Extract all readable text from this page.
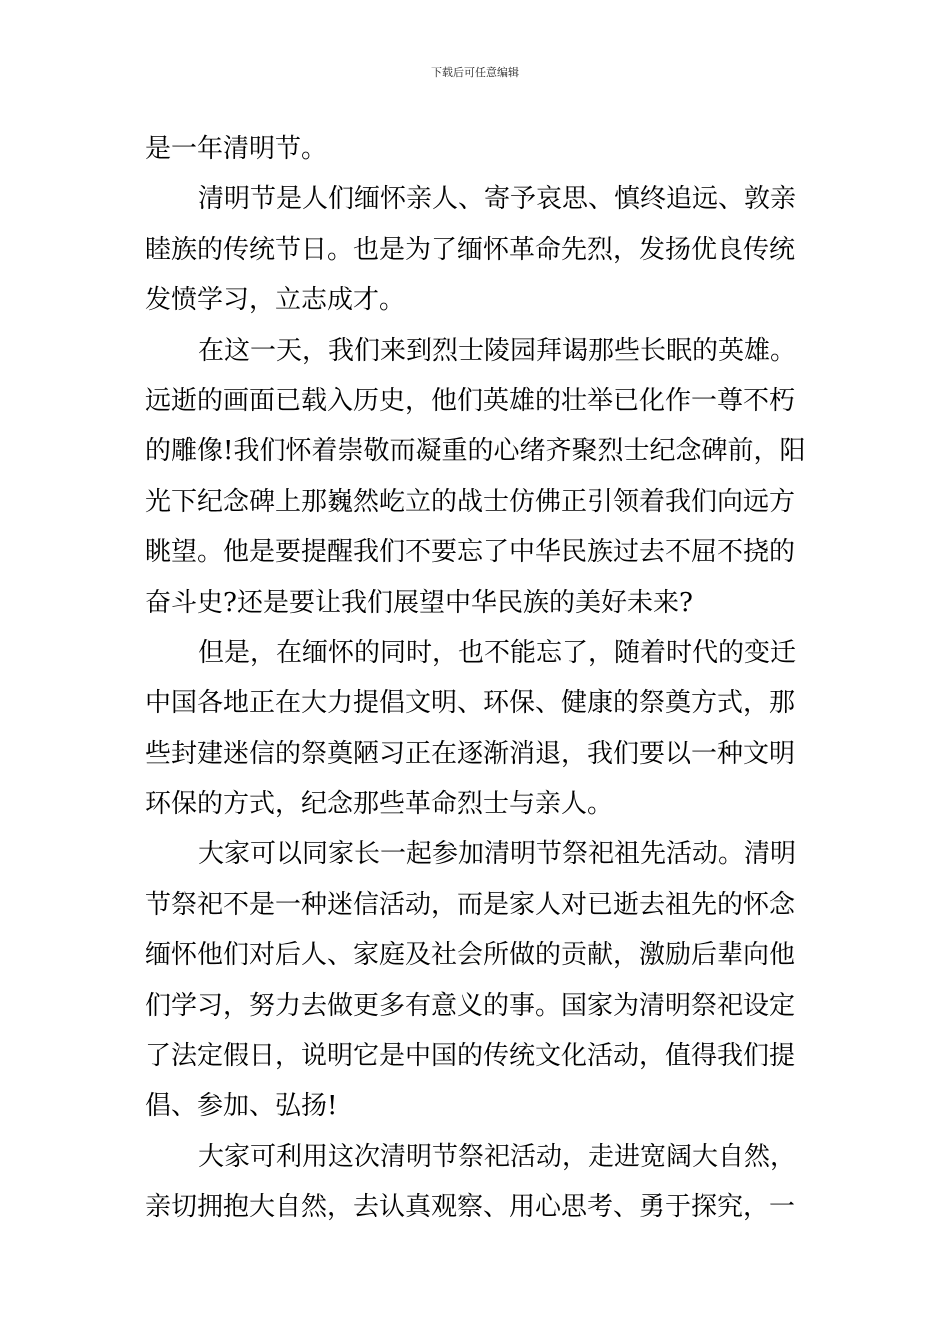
下载后可任意编辑
是一年清明节。
清明节是人们缅怀亲人、寄予哀思、慎终追远、敦亲
睦族的传统节日。也是为了缅怀革命先烈，发扬优良传统
发愤学习，立志成才。
在这一天，我们来到烈士陵园拜谒那些长眠的英雄。
远逝的画面已载入历史，他们英雄的壮举已化作一尊不朽
的雕像!我们怀着崇敬而凝重的心绪齐聚烈士纪念碑前，阳
光下纪念碑上那巍然屹立的战士仿佛正引领着我们向远方
眺望。他是要提醒我们不要忘了中华民族过去不屈不挠的
奋斗史?还是要让我们展望中华民族的美好未来?
但是，在缅怀的同时，也不能忘了，随着时代的变迁
中国各地正在大力提倡文明、环保、健康的祭奠方式，那
些封建迷信的祭奠陋习正在逐渐消退，我们要以一种文明
环保的方式，纪念那些革命烈士与亲人。
大家可以同家长一起参加清明节祭祀祖先活动。清明
节祭祀不是一种迷信活动，而是家人对已逝去祖先的怀念
缅怀他们对后人、家庭及社会所做的贡献，激励后辈向他
们学习，努力去做更多有意义的事。国家为清明祭祀设定
了法定假日，说明它是中国的传统文化活动，值得我们提
倡、参加、弘扬!
大家可利用这次清明节祭祀活动，走进宽阔大自然，
亲切拥抱大自然，去认真观察、用心思考、勇于探究，一
